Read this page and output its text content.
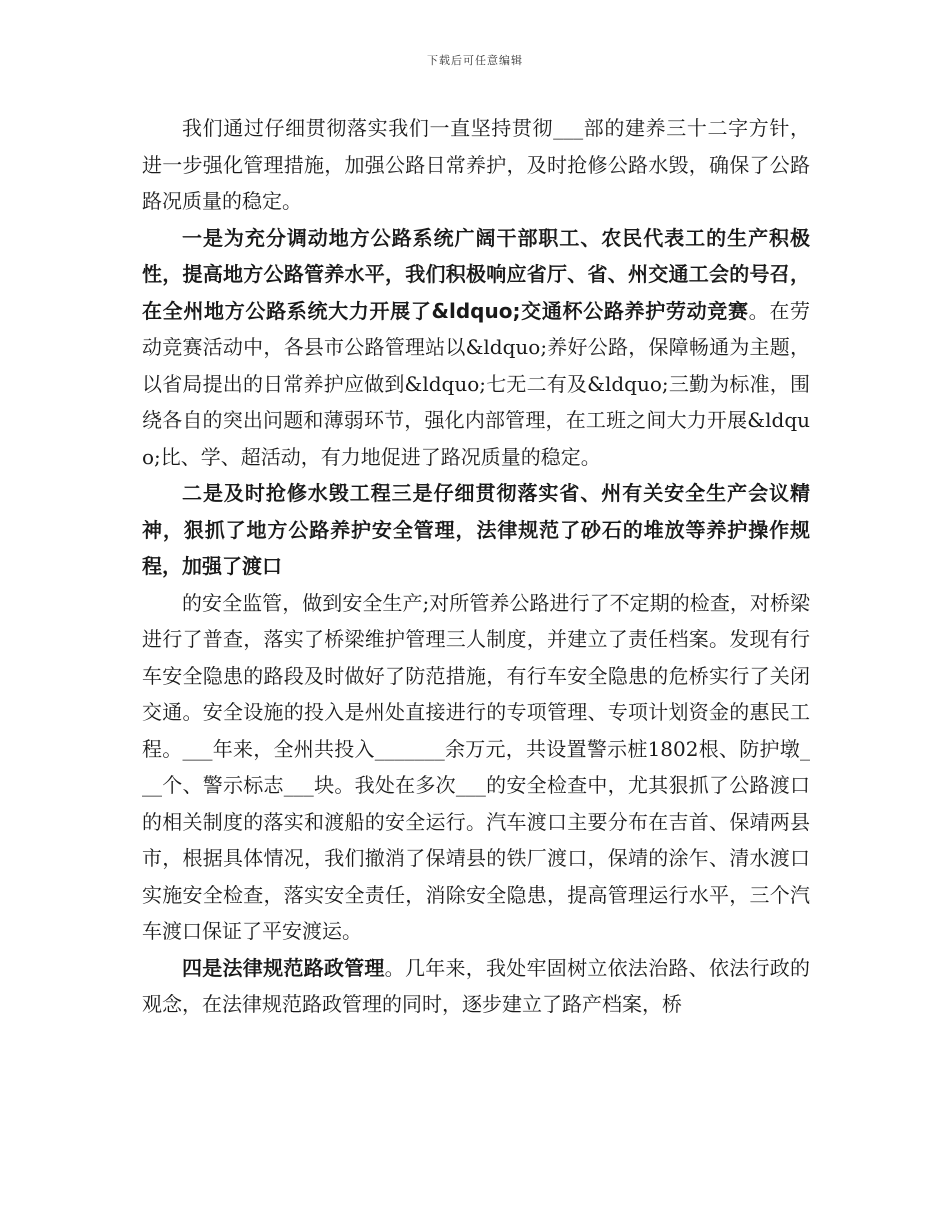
下载后可任意编辑

我们通过仔细贯彻落实我们一直坚持贯彻___部的建养三十二字方针，进一步强化管理措施，加强公路日常养护，及时抢修公路水毁，确保了公路路况质量的稳定。

一是为充分调动地方公路系统广阔干部职工、农民代表工的生产积极性，提高地方公路管养水平，我们积极响应省厅、省、州交通工会的号召，在全州地方公路系统大力开展了&ldquo;交通杯公路养护劳动竞赛。在劳动竞赛活动中，各县市公路管理站以&ldquo;养好公路，保障畅通为主题，以省局提出的日常养护应做到&ldquo;七无二有及&ldquo;三勤为标准，围绕各自的突出问题和薄弱环节，强化内部管理，在工班之间大力开展&ldquo;比、学、超活动，有力地促进了路况质量的稳定。

二是及时抢修水毁工程三是仔细贯彻落实省、州有关安全生产会议精神，狠抓了地方公路养护安全管理，法律规范了砂石的堆放等养护操作规程，加强了渡口

的安全监管，做到安全生产;对所管养公路进行了不定期的检查，对桥梁进行了普查，落实了桥梁维护管理三人制度，并建立了责任档案。发现有行车安全隐患的路段及时做好了防范措施，有行车安全隐患的危桥实行了关闭交通。安全设施的投入是州处直接进行的专项管理、专项计划资金的惠民工程。___年来，全州共投入_______余万元，共设置警示桩1802根、防护墩___个、警示标志___块。我处在多次___的安全检查中，尤其狠抓了公路渡口的相关制度的落实和渡船的安全运行。汽车渡口主要分布在吉首、保靖两县市，根据具体情况，我们撤消了保靖县的铁厂渡口，保靖的涂乍、清水渡口实施安全检查，落实安全责任，消除安全隐患，提高管理运行水平，三个汽车渡口保证了平安渡运。

四是法律规范路政管理。几年来，我处牢固树立依法治路、依法行政的观念，在法律规范路政管理的同时，逐步建立了路产档案，桥
